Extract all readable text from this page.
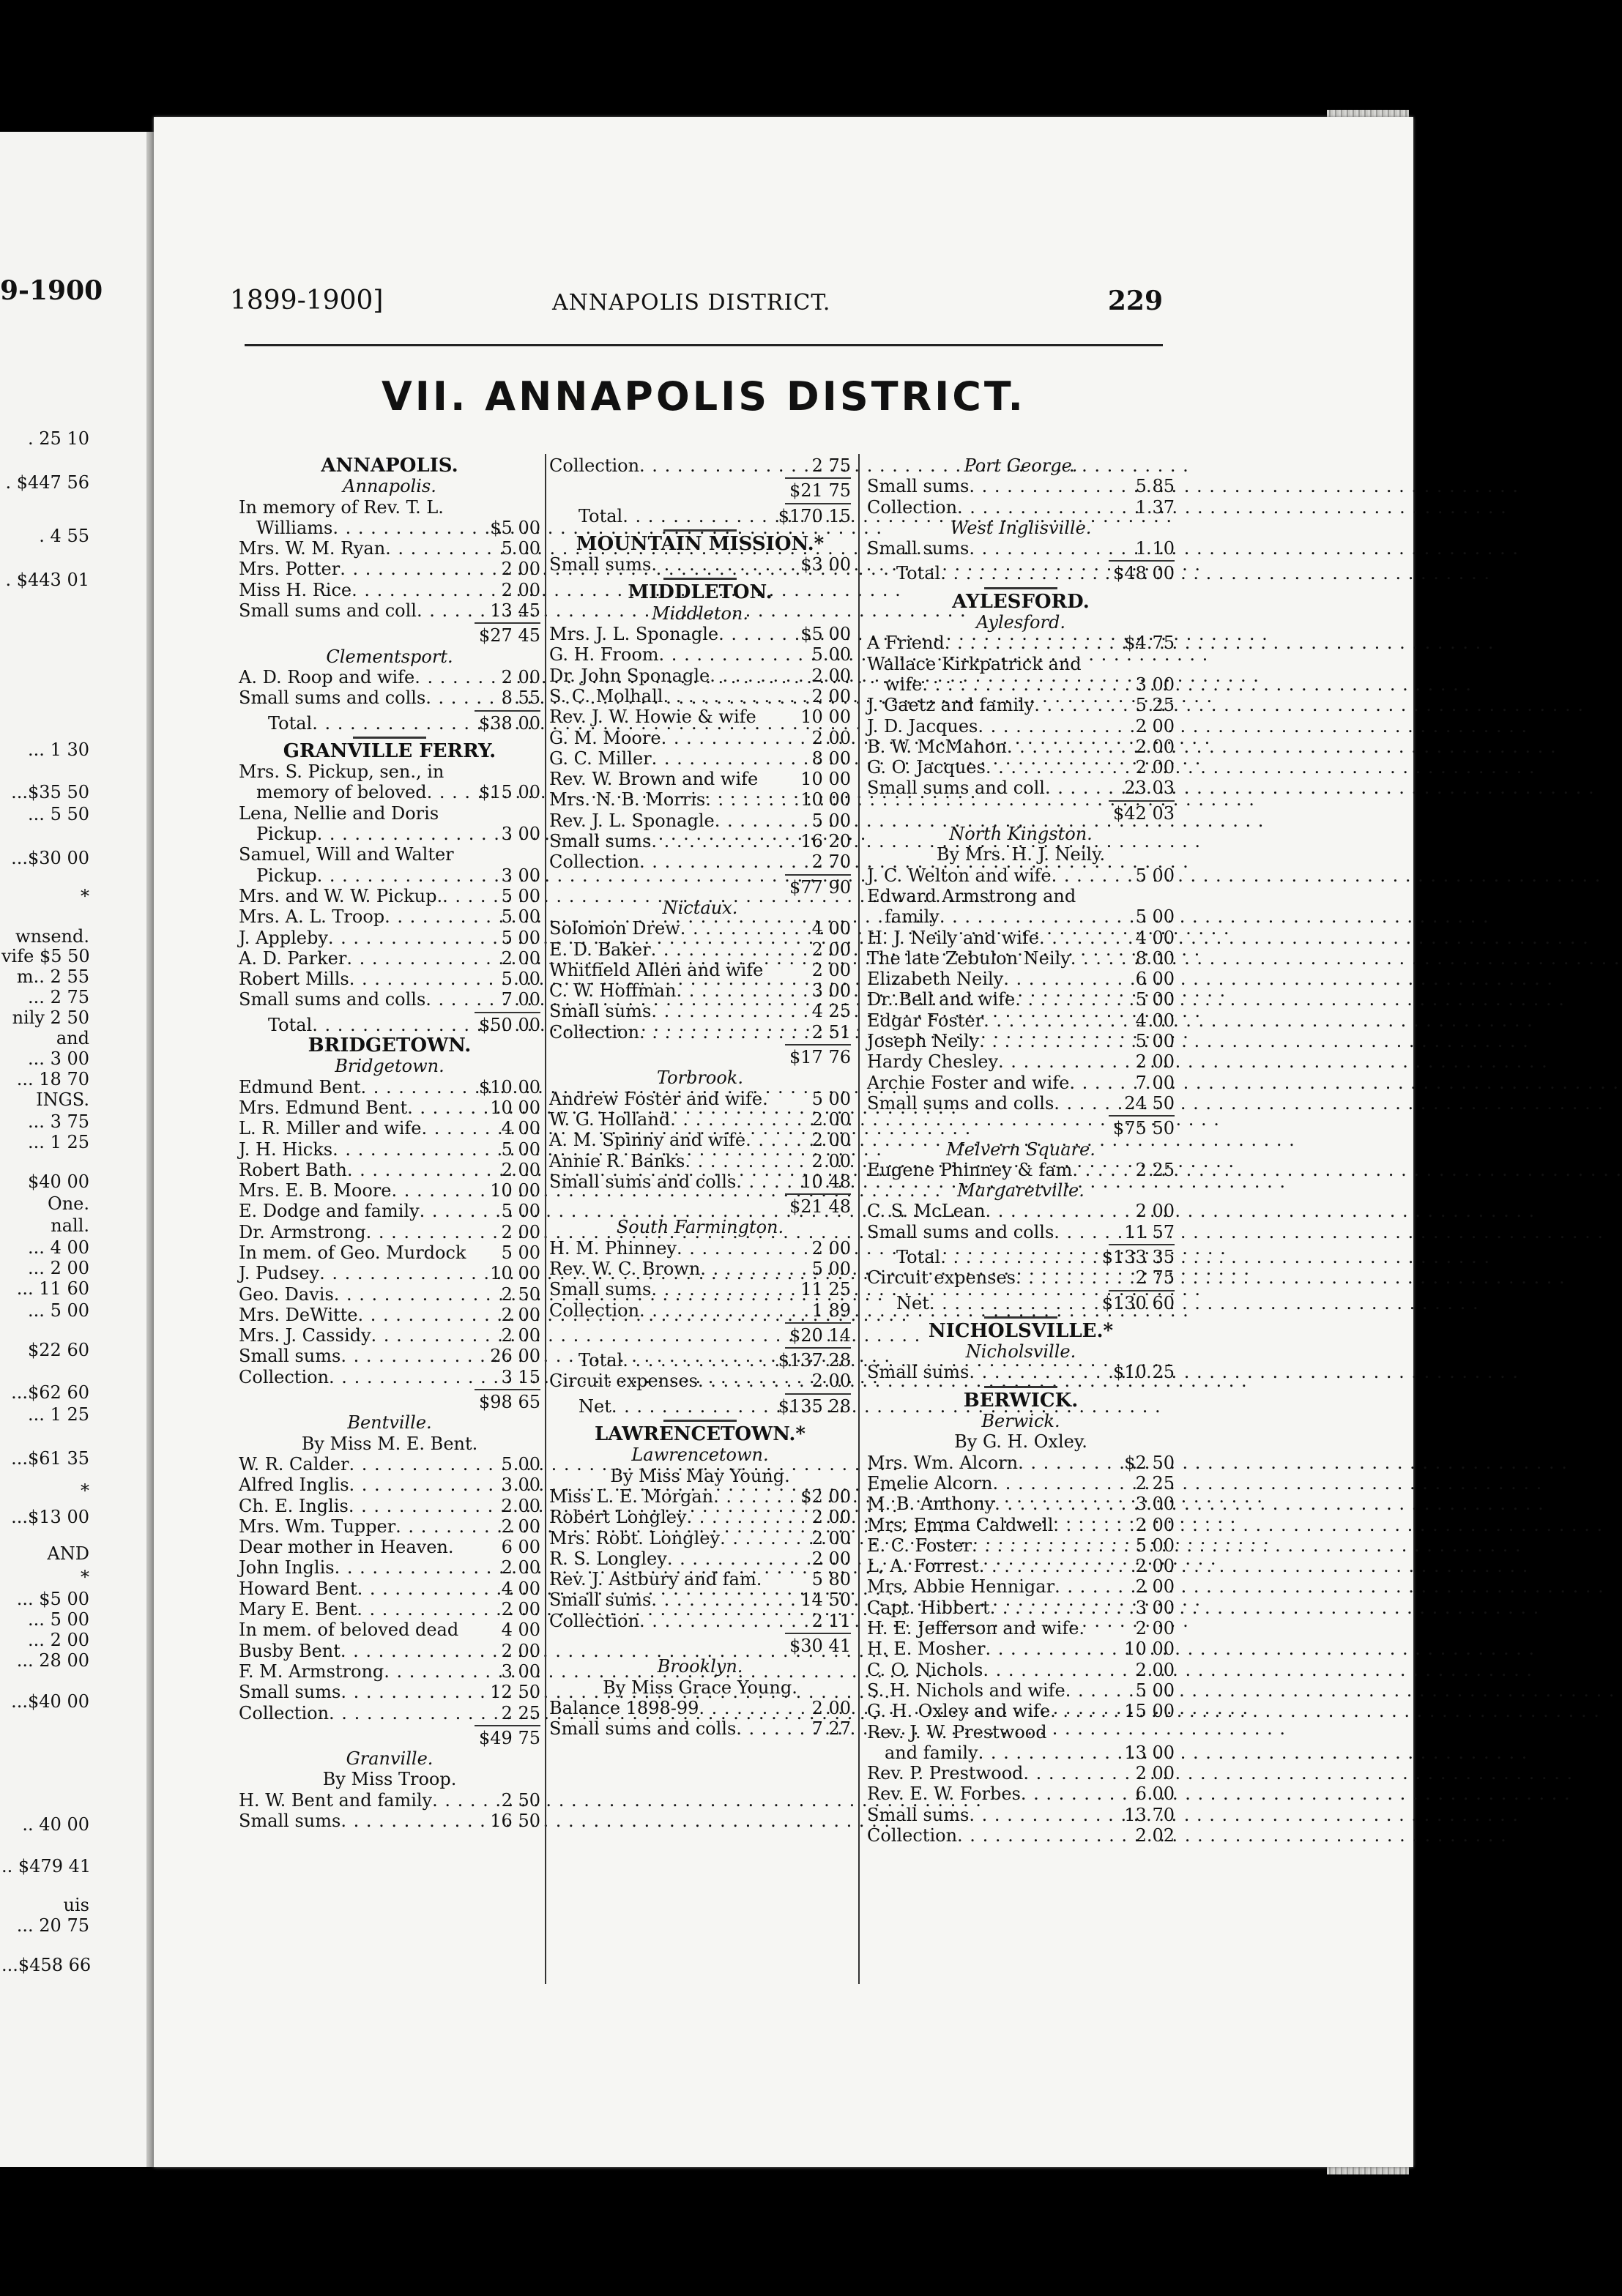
9-1900
. 25 10
. $447 56
. 4 55
. $443 01
... 1 30
...$35 50
... 5 50
...$30 00
*
wnsend.
vife $5 50
m.. 2 55
... 2 75
nily 2 50
and
... 3 00
... 18 70
INGS.
... 3 75
... 1 25
$40 00
One.
nall.
... 4 00
... 2 00
... 11 60
... 5 00
$22 60
...$62 60
... 1 25
...$61 35
*
...$13 00
AND
*
... $5 00
... 5 00
... 2 00
... 28 00
...$40 00
.. 40 00
.. $479 41
uis
... 20 75
...$458 66
1899-1900]	ANNAPOLIS DISTRICT.	229
VII. ANNAPOLIS DISTRICT.
ANNAPOLIS.
Annapolis.
In memory of Rev. T. L.
Williams . . .	$5 00
Mrs. W. M. Ryan . . .	5 00
Mrs. Potter . . .	2 00
Miss H. Rice . . .	2 00
Small sums and coll . . .	13 45
$27 45
Clementsport.
A. D. Roop and wife . . .	2 00
Small sums and colls . . .	8 55
Total . . .	$38 00
GRANVILLE FERRY.
Mrs. S. Pickup, sen., in
memory of beloved . . .	$15 00
Lena, Nellie and Doris
Pickup . . .	3 00
Samuel, Will and Walter
Pickup . . .	3 00
Mrs. and W. W. Pickup. . . .	5 00
Mrs. A. L. Troop . . .	5 00
J. Appleby . . .	5 00
A. D. Parker . . .	2 00
Robert Mills . . .	5 00
Small sums and colls . . .	7 00
Total . . .	$50 00
BRIDGETOWN.
Bridgetown.
Edmund Bent . . .	$10 00
Mrs. Edmund Bent . . .	10 00
L. R. Miller and wife . . .	4 00
J. H. Hicks . . .	5 00
Robert Bath . . .	2 00
Mrs. E. B. Moore . . .	10 00
E. Dodge and family . . .	5 00
Dr. Armstrong . . .	2 00
In mem. of Geo. Murdock 5 00
J. Pudsey . . .	10 00
Geo. Davis . . .	2 50
Mrs. DeWitte . . .	2 00
Mrs. J. Cassidy . . .	2 00
Small sums . . .	26 00
Collection . . .	3 15
$98 65
Bentville.
By Miss M. E. Bent.
W. R. Calder . . .	5 00
Alfred Inglis . . .	3 00
Ch. E. Inglis . . .	2 00
Mrs. Wm. Tupper . . .	2 00
Dear mother in Heaven.	6 00
John Inglis . . .	2 00
Howard Bent . . .	4 00
Mary E. Bent . . .	2 00
In mem. of beloved dead 4 00
Busby Bent . . .	2 00
F. M. Armstrong . . .	3 00
Small sums . . .	12 50
Collection . . .	2 25
$49 75
Granville.
By Miss Troop.
H. W. Bent and family . . .	2 50
Small sums . . .	16 50
Collection . . .	2 75
$21 75
Total . . .	$170 15
MOUNTAIN MISSION.*
Small sums . . .	$3 00
MIDDLETON.
Middleton.
Mrs. J. L. Sponagle . . .	$5 00
G. H. Froom . . .	5 00
Dr. John Sponagle . . .	2 00
S. C. Molhall . . .	2 00
Rev. J. W. Howie & wife	10 00
G. M. Moore . . .	2 00
G. C. Miller . . .	8 00
Rev. W. Brown and wife 10 00
Mrs. N. B. Morris . . .	10 00
Rev. J. L. Sponagle . . .	5 00
Small sums . . .	16 20
Collection . . .	2 70
$77 90
Nictaux.
Solomon Drew . . .	4 00
E. D. Baker . . .	2 00
Whitfield Allen and wife	2 00
C. W. Hoffman . . .	3 00
Small sums . . .	4 25
Collection . . .	2 51
$17 76
Torbrook.
Andrew Foster and wife. 5 00
W. G. Holland . . .	2 00
A. M. Spinny and wife . . .	2 00
Annie R. Banks . . .	2 00
Small sums and colls . . .	10 48
$21 48
South Farmington.
H. M. Phinney . . .	2 00
Rev. W. C. Brown . . .	5 00
Small sums . . .	11 25
Collection . . .	1 89
$20 14
Total . . .	$137 28
Circuit expenses . . .	2 00
Net . . .	$135 28
LAWRENCETOWN.*
Lawrencetown.
By Miss May Young.
Miss L. E. Morgan . . .	$2 00
Robert Longley . . .	2 00
Mrs. Robt. Longley . . .	2 00
R. S. Longley . . .	2 00
Rev. J. Astbury and fam.	5 80
Small sums . . .	14 50
Collection . . .	2 11
$30 41
Brooklyn.
By Miss Grace Young.
Balance 1898-99 . . .	2 00
Small sums and colls . . .	7 27
Port George.
Small sums . . .	5 85
Collection . . .	1 37
West Inglisville.
Small sums . . .	1 10
Total . . .	$48 00
AYLESFORD.
Aylesford.
A Friend . . .	$4 75
Wallace Kirkpatrick and
wife . . .	3 00
J. Gaetz and family . . .	5 25
J. D. Jacques . . .	2 00
B. W. McMahon . . .	2 00
G. O. Jacques . . .	2 00
Small sums and coll . . .	23 03
$42 03
North Kingston.
By Mrs. H. J. Neily.
J. C. Welton and wife . . .	5 00
Edward Armstrong and
family . . .	5 00
H. J. Neily and wife . . .	4 00
The late Zebulon Neily . . .	8 00
Elizabeth Neily . . .	6 00
Dr. Bell and wife . . .	5 00
Edgar Foster . . .	4 00
Joseph Neily . . .	5 00
Hardy Chesley . . .	2 00
Archie Foster and wife . . .	7 00
Small sums and colls . . .	24 50
$75 50
Melvern Square.
Eugene Phinney & fam . . .	2 25
Margaretville.
C. S. McLean . . .	2 00
Small sums and colls . . .	11 57
Total . . .	$133 35
Circuit expenses . . .	2 75
Net . . .	$130 60
NICHOLSVILLE.*
Nicholsville.
Small sums . . .	$10 25
BERWICK.
Berwick.
By G. H. Oxley.
Mrs. Wm. Alcorn . . .	$2 50
Emelie Alcorn . . .	2 25
M. B. Anthony . . .	3 00
Mrs. Emma Caldwell . . .	2 00
E. C. Foster . . .	5 00
L. A. Forrest . . .	2 00
Mrs. Abbie Hennigar . . .	2 00
Capt. Hibbert . . .	3 00
H. E. Jefferson and wife.	2 00
H. E. Mosher . . .	10 00
C. O. Nichols . . .	2 00
S. H. Nichols and wife . . .	5 00
G. H. Oxley and wife . . .	15 00
Rev. J. W. Prestwood
and family . . .	13 00
Rev. P. Prestwood . . .	2 00
Rev. E. W. Forbes . . .	6 00
Small sums . . .	13 70
Collection . . .	2 02
